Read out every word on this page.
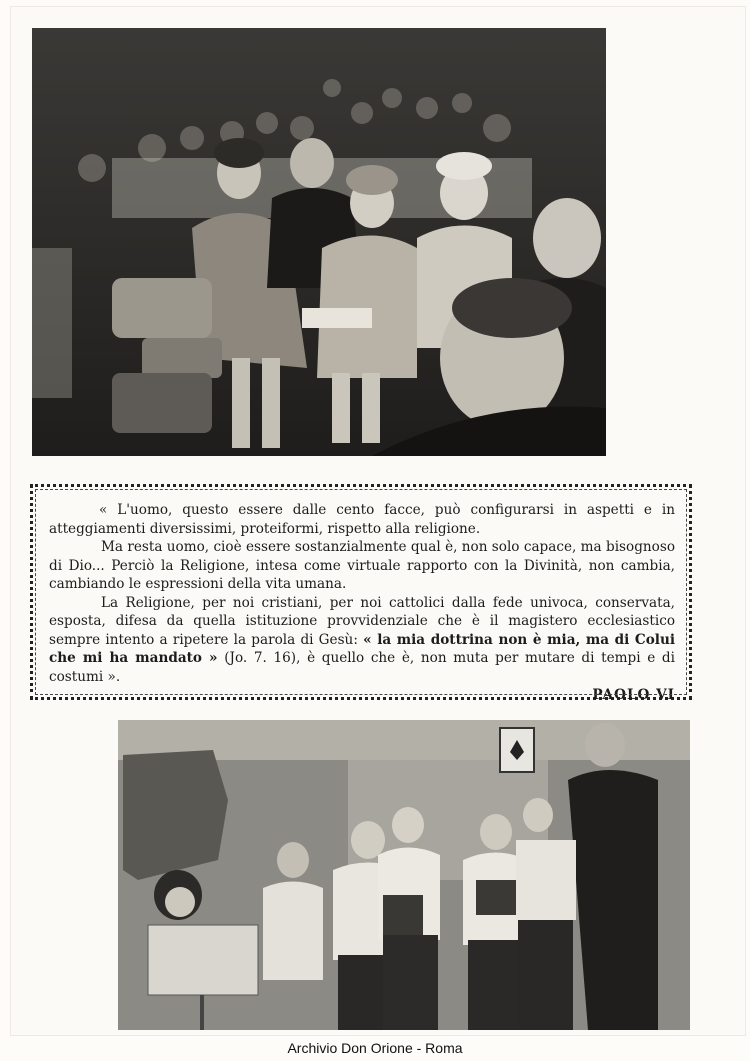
« L'uomo, questo essere dalle cento facce, può configurarsi in aspetti e in atteggiamenti diversissimi, proteiformi, rispetto alla religione.

Ma resta uomo, cioè essere sostanzialmente qual è, non solo capace, ma bisognoso di Dio... Perciò la Religione, intesa come virtuale rapporto con la Divinità, non cambia, cambiando le espressioni della vita umana.

La Religione, per noi cristiani, per noi cattolici dalla fede univoca, conservata, esposta, difesa da quella istituzione provvidenziale che è il magistero ecclesiastico sempre intento a ripetere la parola di Gesù: « la mia dottrina non è mia, ma di Colui che mi ha mandato » (Jo. 7. 16), è quello che è, non muta per mutare di tempi e di costumi ».

PAOLO VI
Archivio Don Orione - Roma
